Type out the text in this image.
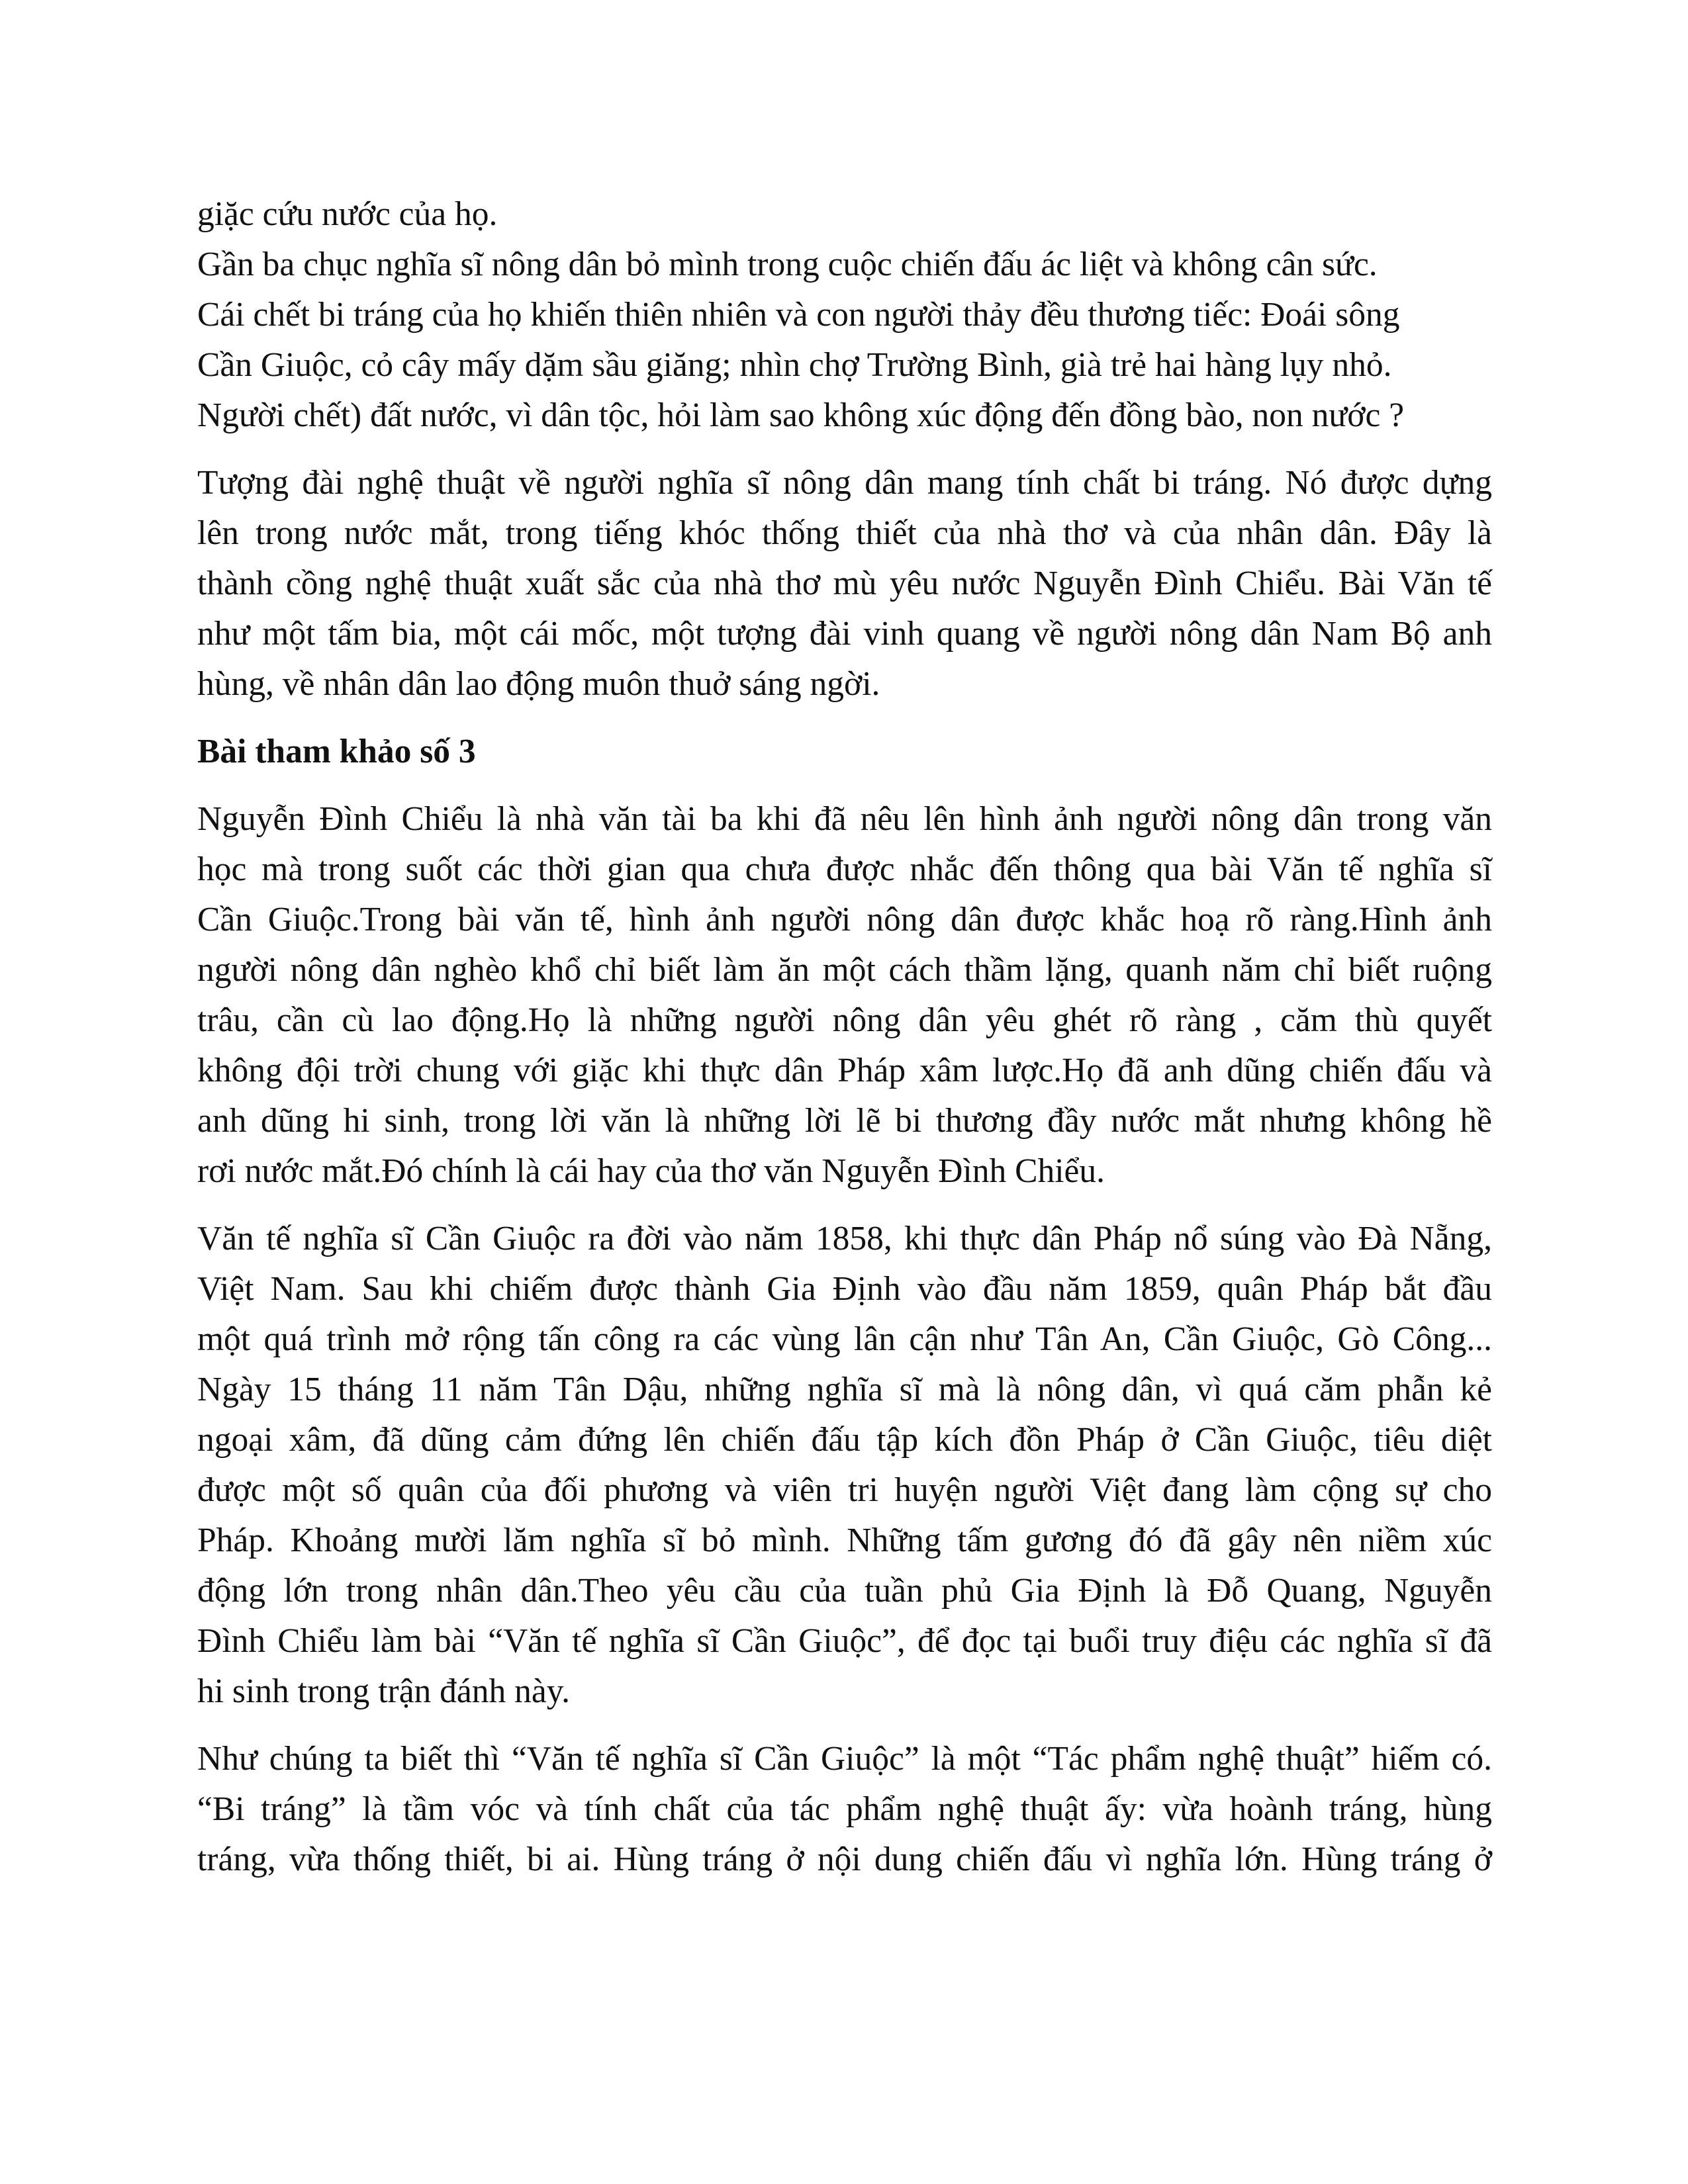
giặc cứu nước của họ.
Gần ba chục nghĩa sĩ nông dân bỏ mình trong cuộc chiến đấu ác liệt và không cân sức.
Cái chết bi tráng của họ khiến thiên nhiên và con người thảy đều thương tiếc: Đoái sông
Cần Giuộc, cỏ cây mấy dặm sầu giăng; nhìn chợ Trường Bình, già trẻ hai hàng lụy nhỏ.
Người chết) đất nước, vì dân tộc, hỏi làm sao không xúc động đến đồng bào, non nước ?
Tượng đài nghệ thuật về người nghĩa sĩ nông dân mang tính chất bi tráng. Nó được dựng
lên trong nước mắt, trong tiếng khóc thống thiết của nhà thơ và của nhân dân. Đây là
thành cồng nghệ thuật xuất sắc của nhà thơ mù yêu nước Nguyễn Đình Chiểu. Bài Văn tế
như một tấm bia, một cái mốc, một tượng đài vinh quang về người nông dân Nam Bộ anh
hùng, về nhân dân lao động muôn thuở sáng ngời.
Bài tham khảo số 3
Nguyễn Đình Chiểu là nhà văn tài ba khi đã nêu lên hình ảnh người nông dân trong văn
học mà trong suốt các thời gian qua chưa được nhắc đến thông qua bài Văn tế nghĩa sĩ
Cần Giuộc.Trong bài văn tế, hình ảnh người nông dân được khắc hoạ rõ ràng.Hình ảnh
người nông dân nghèo khổ chỉ biết làm ăn một cách thầm lặng, quanh năm chỉ biết ruộng
trâu, cần cù lao động.Họ là những người nông dân yêu ghét rõ ràng , căm thù quyết
không đội trời chung với giặc khi thực dân Pháp xâm lược.Họ đã anh dũng chiến đấu và
anh dũng hi sinh, trong lời văn là những lời lẽ bi thương đầy nước mắt nhưng không hề
rơi nước mắt.Đó chính là cái hay của thơ văn Nguyễn Đình Chiểu.
Văn tế nghĩa sĩ Cần Giuộc ra đời vào năm 1858, khi thực dân Pháp nổ súng vào Đà Nẵng,
Việt Nam. Sau khi chiếm được thành Gia Định vào đầu năm 1859, quân Pháp bắt đầu
một quá trình mở rộng tấn công ra các vùng lân cận như Tân An, Cần Giuộc, Gò Công...
Ngày 15 tháng 11 năm Tân Dậu, những nghĩa sĩ mà là nông dân, vì quá căm phẫn kẻ
ngoại xâm, đã dũng cảm đứng lên chiến đấu tập kích đồn Pháp ở Cần Giuộc, tiêu diệt
được một số quân của đối phương và viên tri huyện người Việt đang làm cộng sự cho
Pháp. Khoảng mười lăm nghĩa sĩ bỏ mình. Những tấm gương đó đã gây nên niềm xúc
động lớn trong nhân dân.Theo yêu cầu của tuần phủ Gia Định là Đỗ Quang, Nguyễn
Đình Chiểu làm bài “Văn tế nghĩa sĩ Cần Giuộc”, để đọc tại buổi truy điệu các nghĩa sĩ đã
hi sinh trong trận đánh này.
Như chúng ta biết thì “Văn tế nghĩa sĩ Cần Giuộc” là một “Tác phẩm nghệ thuật” hiếm có.
“Bi tráng” là tầm vóc và tính chất của tác phẩm nghệ thuật ấy: vừa hoành tráng, hùng
tráng, vừa thống thiết, bi ai. Hùng tráng ở nội dung chiến đấu vì nghĩa lớn. Hùng tráng ở
